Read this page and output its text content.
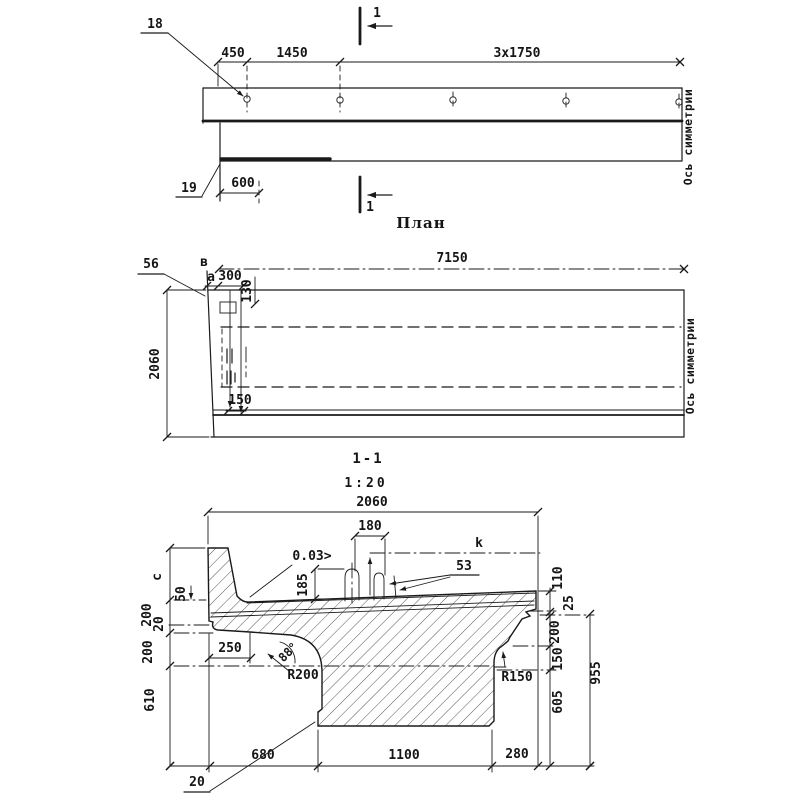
450 1450	3x1750
1
1
18
19	600	Ось симметрии
План
7150
в
а 300
130
150
56
2060	Ось симметрии
1-1
1:20
2060
180
k
185
53
0.03>
c
200
200
610
50
20
250	88°
R200	R150
110
25
200
150
605
955
680	1100	280
20
